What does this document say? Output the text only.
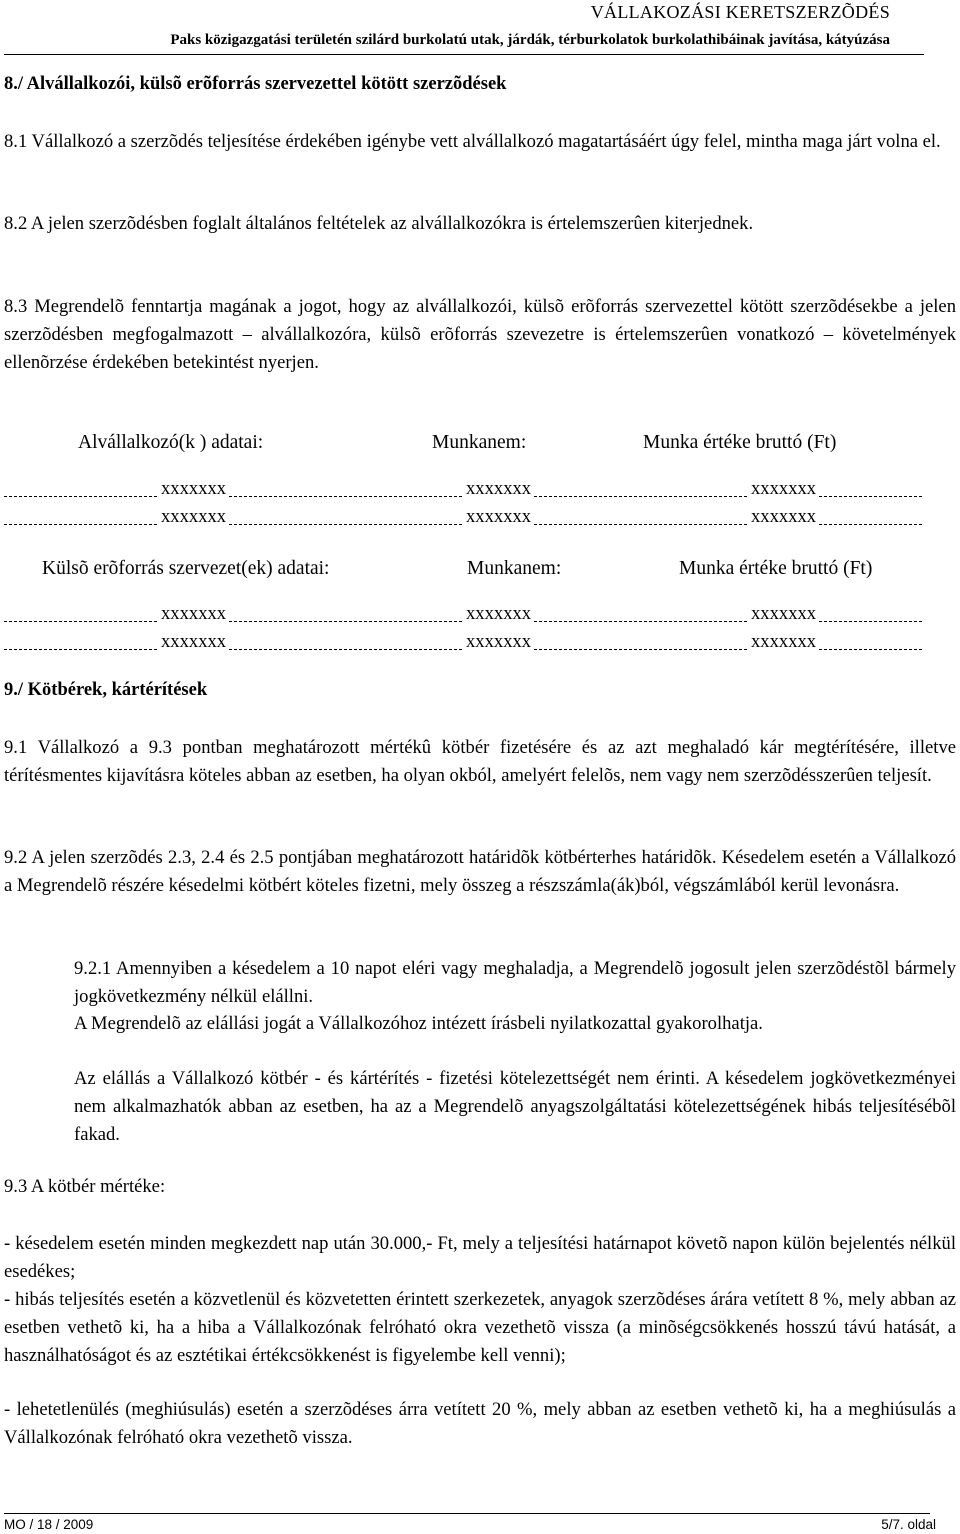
VÁLLAKOZÁSI KERETSZERZÕDÉS
Paks közigazgatási területén szilárd burkolatú utak, járdák, térburkolatok burkolathibáinak javítása, kátyúzása
8./ Alvállalkozói, külsõ erõforrás szervezettel kötött szerzõdések

8.1 Vállalkozó a szerzõdés teljesítése érdekében igénybe vett alvállalkozó magatartásáért úgy felel, mintha maga járt volna el.

8.2 A jelen szerzõdésben foglalt általános feltételek az alvállalkozókra is értelemszerûen kiterjednek.

8.3 Megrendelõ fenntartja magának a jogot, hogy az alvállalkozói, külsõ erõforrás szervezettel kötött szerzõdésekbe a jelen szerzõdésben megfogalmazott – alvállalkozóra, külsõ erõforrás szevezetre is értelemszerûen vonatkozó – követelmények ellenõrzése érdekében betekintést nyerjen.

Alvállalkozó(k ) adatai:	Munkanem:	Munka értéke bruttó (Ft)
xxxxxxx	xxxxxxx	xxxxxxx
xxxxxxx	xxxxxxx	xxxxxxx
Külsõ erõforrás szervezet(ek) adatai:	Munkanem:	Munka értéke bruttó (Ft)
xxxxxxx	xxxxxxx	xxxxxxx
xxxxxxx	xxxxxxx	xxxxxxx
9./ Kötbérek, kártérítések

9.1 Vállalkozó a 9.3 pontban meghatározott mértékû kötbér fizetésére és az azt meghaladó kár megtérítésére, illetve térítésmentes kijavításra köteles abban az esetben, ha olyan okból, amelyért felelõs, nem vagy nem szerzõdésszerûen teljesít.

9.2 A jelen szerzõdés 2.3, 2.4 és 2.5 pontjában meghatározott határidõk kötbérterhes határidõk. Késedelem esetén a Vállalkozó a Megrendelõ részére késedelmi kötbért köteles fizetni, mely összeg a részszámla(ák)ból, végszámlából kerül levonásra.

9.2.1 Amennyiben a késedelem a 10 napot eléri vagy meghaladja, a Megrendelõ jogosult jelen szerzõdéstõl bármely jogkövetkezmény nélkül elállni.

A Megrendelõ az elállási jogát a Vállalkozóhoz intézett írásbeli nyilatkozattal gyakorolhatja.

Az elállás a Vállalkozó kötbér - és kártérítés - fizetési kötelezettségét nem érinti. A késedelem jogkövetkezményei nem alkalmazhatók abban az esetben, ha az a Megrendelõ anyagszolgáltatási kötelezettségének hibás teljesítésébõl fakad.

9.3 A kötbér mértéke:

- késedelem esetén minden megkezdett nap után 30.000,- Ft, mely a teljesítési határnapot követõ napon külön bejelentés nélkül esedékes;

- hibás teljesítés esetén a közvetlenül és közvetetten érintett szerkezetek, anyagok szerzõdéses árára vetített 8 %, mely abban az esetben vethetõ ki, ha a hiba a Vállalkozónak felróható okra vezethetõ vissza (a minõségcsökkenés hosszú távú hatását, a használhatóságot és az esztétikai értékcsökkenést is figyelembe kell venni);

- lehetetlenülés (meghiúsulás) esetén a szerzõdéses árra vetített 20 %, mely abban az esetben vethetõ ki, ha a meghiúsulás a Vállalkozónak felróható okra vezethetõ vissza.

MO / 18 / 2009	5/7. oldal
